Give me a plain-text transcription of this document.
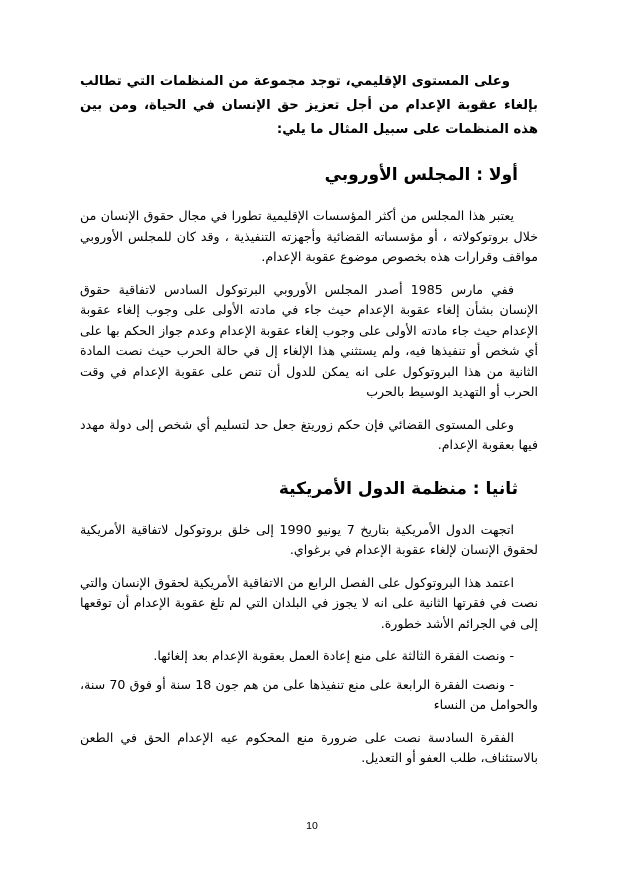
وعلى المستوى الإقليمي، توجد مجموعة من المنظمات التي تطالب بإلغاء عقوبة الإعدام من أجل تعزيز حق الإنسان في الحياة، ومن بين هذه المنظمات على سبيل المثال ما يلي:

أولا : المجلس الأوروبي

يعتبر هذا المجلس من أكثر المؤسسات الإقليمية تطورا في مجال حقوق الإنسان من خلال بروتوكولاته ، أو مؤسساته القضائية وأجهزته التنفيذية ، وقد كان للمجلس الأوروبي مواقف وقرارات هذه بخصوص موضوع عقوبة الإعدام.

ففي مارس 1985 أصدر المجلس الأوروبي البرتوكول السادس لاتفاقية حقوق الإنسان بشأن إلغاء عقوبة الإعدام حيث جاء في مادته الأولى على وجوب إلغاء عقوبة الإعدام حيث جاء مادته الأولى على وجوب إلغاء عقوبة الإعدام وعدم جواز الحكم بها على أي شخص أو تنفيذها فيه، ولم يستثني هذا الإلغاء إل في حالة الحرب حيث نصت المادة الثانية من هذا البروتوكول على انه يمكن للدول أن تنص على عقوبة الإعدام في وقت الحرب أو التهديد الوسيط بالحرب

وعلى المستوى القضائي فإن حكم زوريتغ جعل حد لتسليم أي شخص إلى دولة مهدد فيها بعقوبة الإعدام.

ثانيا : منظمة الدول الأمريكية

اتجهت الدول الأمريكية بتاريخ 7 يونيو 1990 إلى خلق بروتوكول لاتفاقية الأمريكية لحقوق الإنسان لإلغاء عقوبة الإعدام في برغواي.

اعتمد هذا البروتوكول على الفصل الرابع من الاتفاقية الأمريكية لحقوق الإنسان والتي نصت في فقرتها الثانية على انه لا يجوز في البلدان التي لم تلغ عقوبة الإعدام أن توقعها إلى في الجرائم الأشد خطورة.

- ونصت الفقرة الثالثة على منع إعادة العمل بعقوبة الإعدام بعد إلغائها.

- ونصت الفقرة الرابعة على منع تنفيذها على من هم جون 18 سنة أو فوق 70 سنة، والحوامل من النساء

الفقرة السادسة نصت على ضرورة منع المحكوم عيه الإعدام الحق في الطعن بالاستئناف، طلب العفو أو التعديل.

10
